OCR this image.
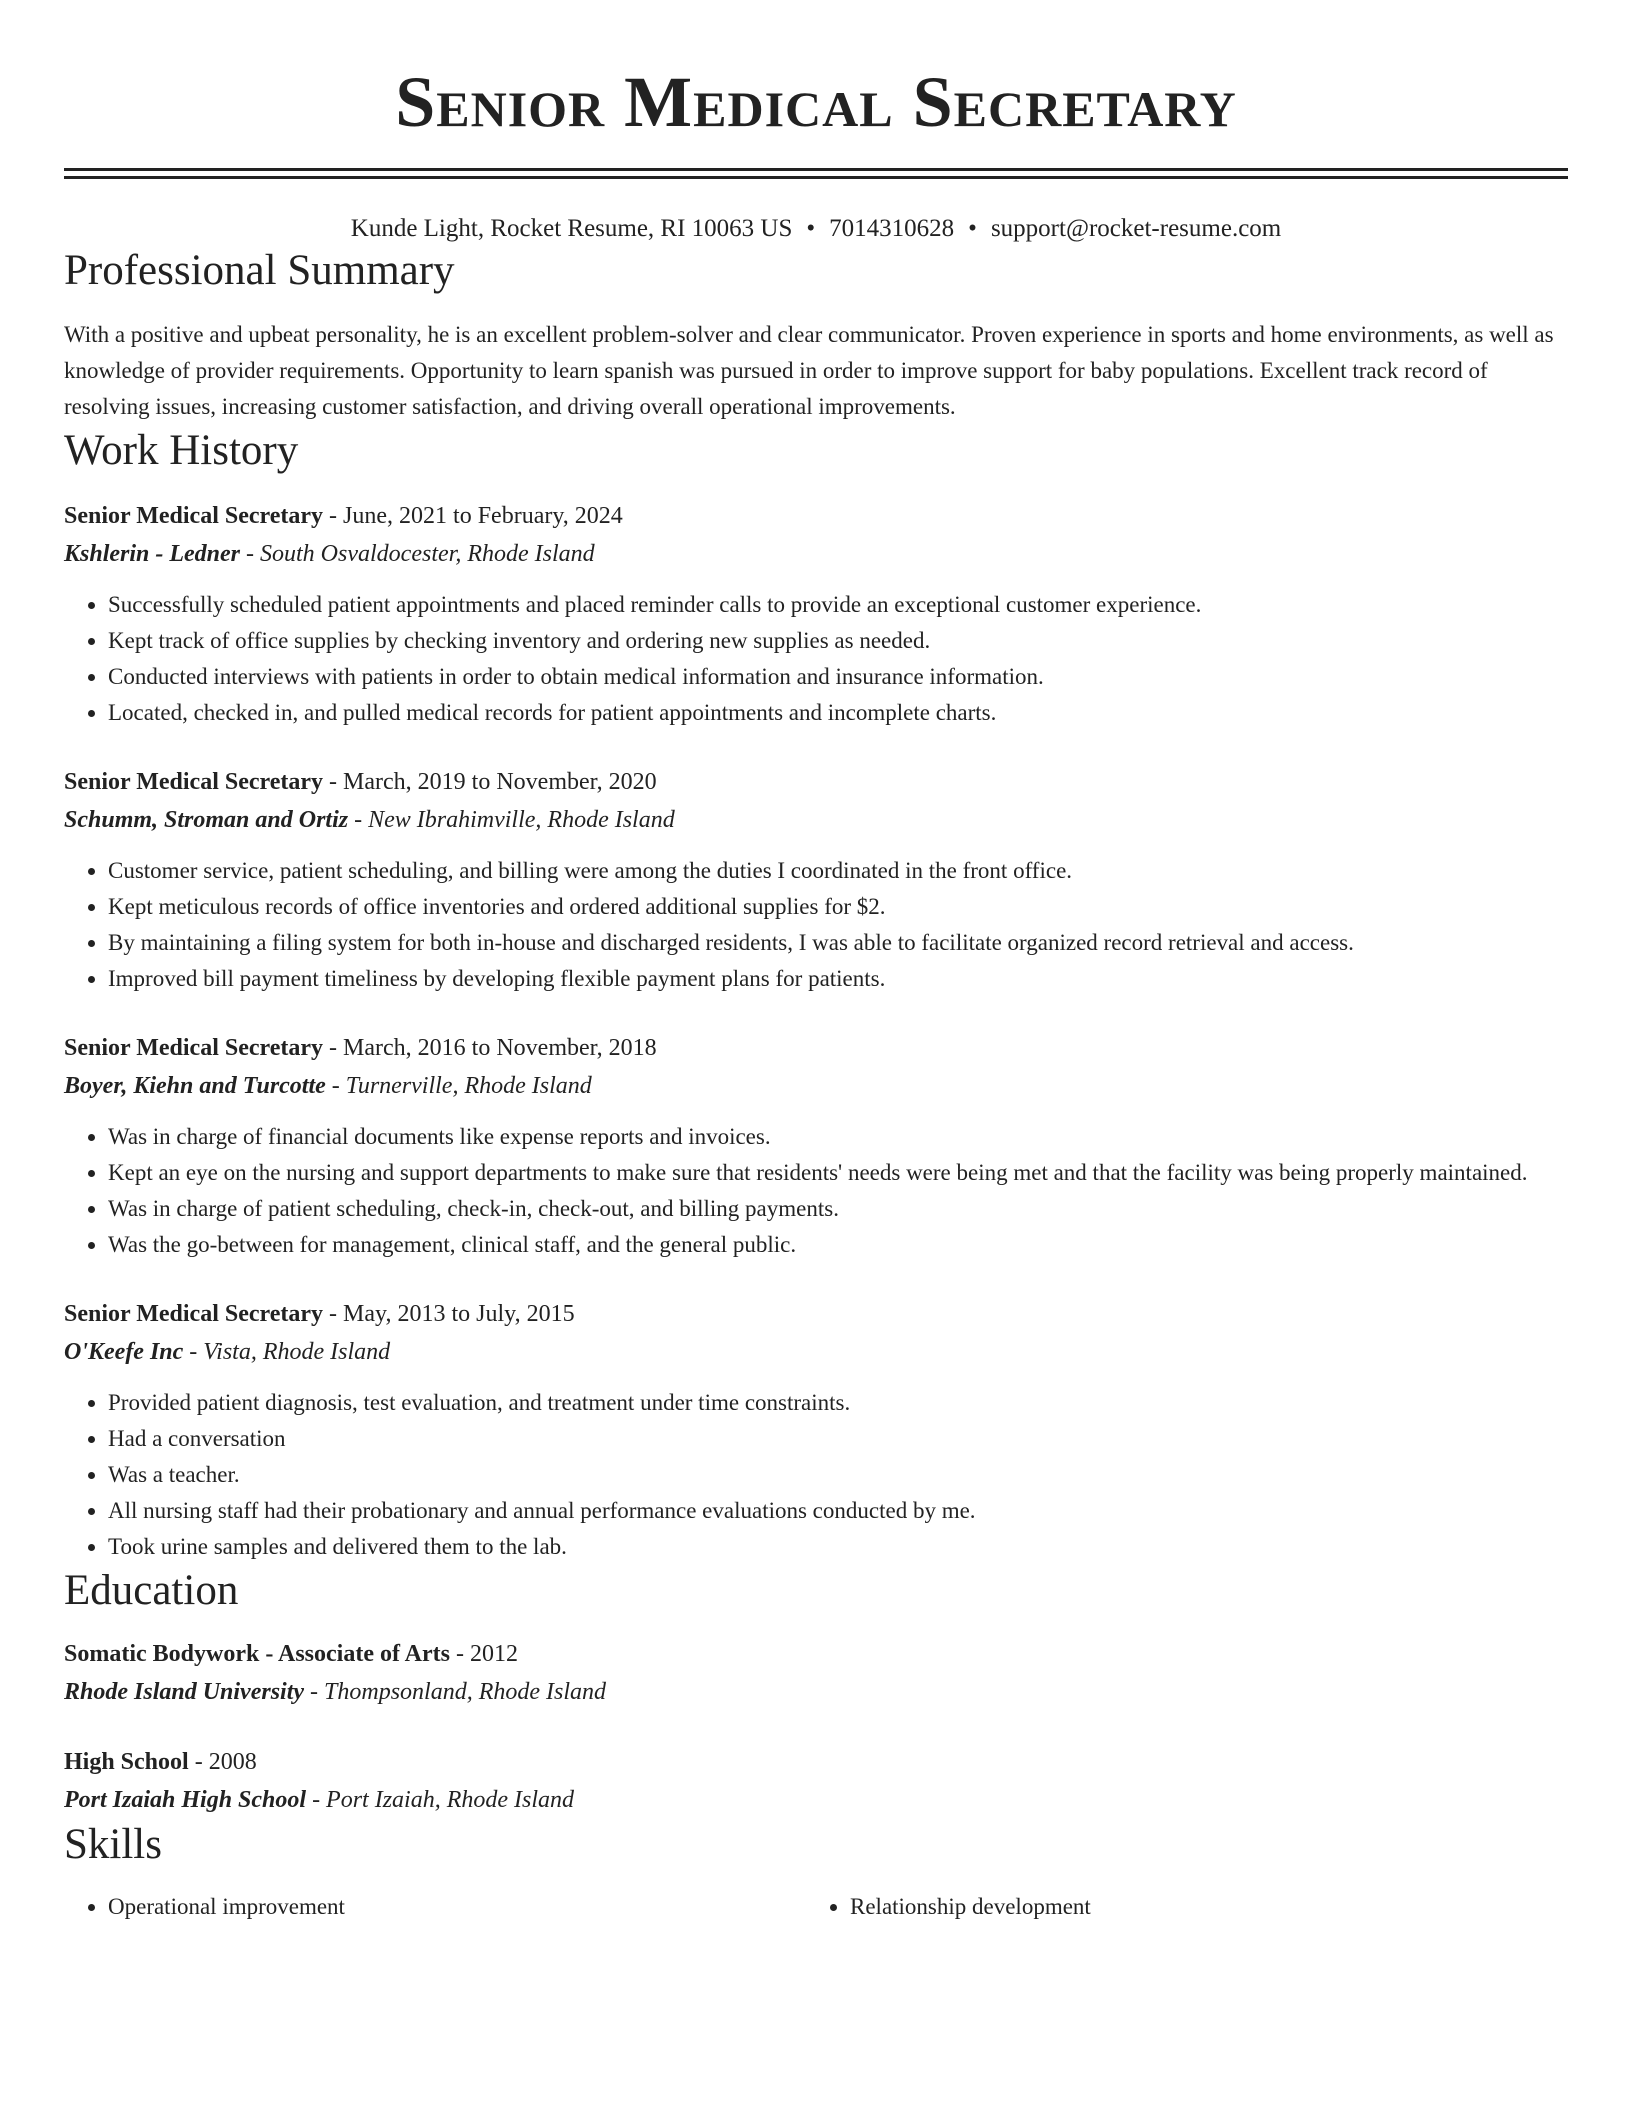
Senior Medical Secretary
Kunde Light, Rocket Resume, RI 10063 US • 7014310628 • support@rocket-resume.com
Professional Summary

With a positive and upbeat personality, he is an excellent problem-solver and clear communicator. Proven experience in sports and home environments, as well as knowledge of provider requirements. Opportunity to learn spanish was pursued in order to improve support for baby populations. Excellent track record of resolving issues, increasing customer satisfaction, and driving overall operational improvements.

Work History
Senior Medical Secretary - June, 2021 to February, 2024
Kshlerin - Ledner - South Osvaldocester, Rhode Island
• Successfully scheduled patient appointments and placed reminder calls to provide an exceptional customer experience.
• Kept track of office supplies by checking inventory and ordering new supplies as needed.
• Conducted interviews with patients in order to obtain medical information and insurance information.
• Located, checked in, and pulled medical records for patient appointments and incomplete charts.
Senior Medical Secretary - March, 2019 to November, 2020
Schumm, Stroman and Ortiz - New Ibrahimville, Rhode Island
• Customer service, patient scheduling, and billing were among the duties I coordinated in the front office.
• Kept meticulous records of office inventories and ordered additional supplies for $2.
• By maintaining a filing system for both in-house and discharged residents, I was able to facilitate organized record retrieval and access.
• Improved bill payment timeliness by developing flexible payment plans for patients.
Senior Medical Secretary - March, 2016 to November, 2018
Boyer, Kiehn and Turcotte - Turnerville, Rhode Island
• Was in charge of financial documents like expense reports and invoices.
• Kept an eye on the nursing and support departments to make sure that residents' needs were being met and that the facility was being properly maintained.
• Was in charge of patient scheduling, check-in, check-out, and billing payments.
• Was the go-between for management, clinical staff, and the general public.
Senior Medical Secretary - May, 2013 to July, 2015
O'Keefe Inc - Vista, Rhode Island
• Provided patient diagnosis, test evaluation, and treatment under time constraints.
• Had a conversation
• Was a teacher.
• All nursing staff had their probationary and annual performance evaluations conducted by me.
• Took urine samples and delivered them to the lab.
Education
Somatic Bodywork - Associate of Arts - 2012
Rhode Island University - Thompsonland, Rhode Island
High School - 2008
Port Izaiah High School - Port Izaiah, Rhode Island
Skills
• Operational improvement
•	Relationship development
